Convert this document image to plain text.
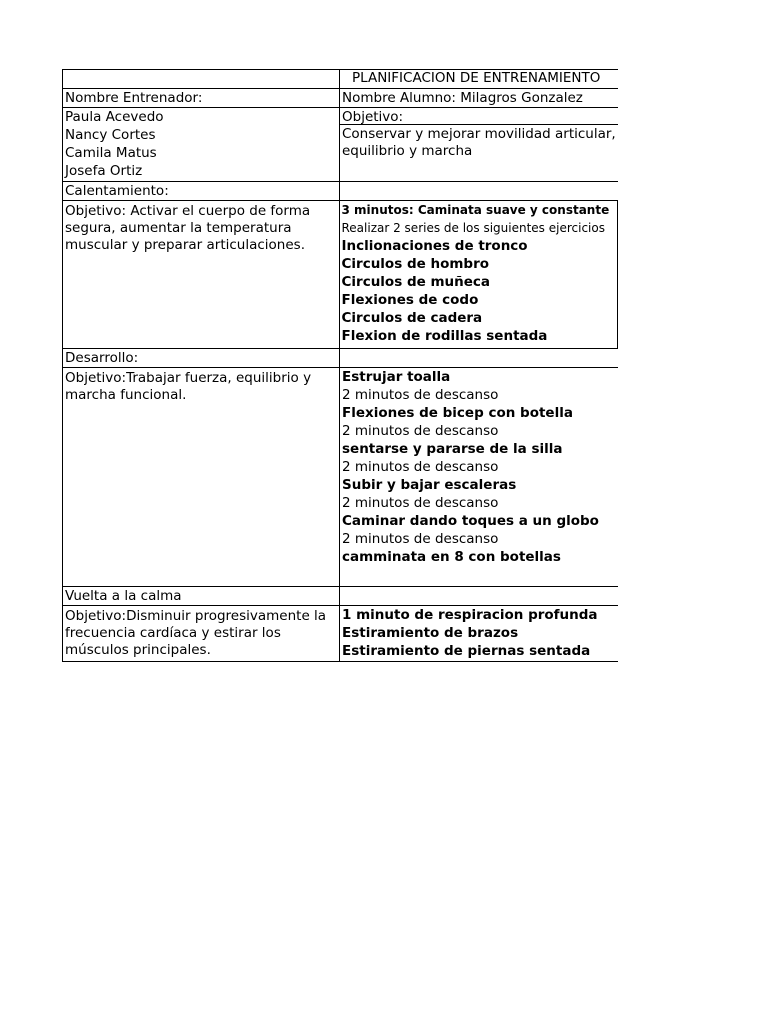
PLANIFICACION DE ENTRENAMIENTO
Nombre Entrenador:	Nombre Alumno: Milagros Gonzalez
Paula Acevedo
Nancy Cortes
Camila Matus
Josefa Ortiz
Objetivo:
Conservar y mejorar movilidad articular,
equilibrio y marcha
Calentamiento:
Objetivo: Activar el cuerpo de forma
segura, aumentar la temperatura
muscular y preparar articulaciones.
3 minutos: Caminata suave y constante
Realizar 2 series de los siguientes ejercicios
Inclionaciones de tronco
Circulos de hombro
Circulos de muñeca
Flexiones de codo
Circulos de cadera
Flexion de rodillas sentada
Desarrollo:
Objetivo:Trabajar fuerza, equilibrio y
marcha funcional.
Estrujar toalla
2 minutos de descanso
Flexiones de bicep con botella
2 minutos de descanso
sentarse y pararse de la silla
2 minutos de descanso
Subir y bajar escaleras
2 minutos de descanso
Caminar dando toques a un globo
2 minutos de descanso
camminata en 8 con botellas
Vuelta a la calma
Objetivo:Disminuir progresivamente la
frecuencia cardíaca y estirar los
músculos principales.
1 minuto de respiracion profunda
Estiramiento de brazos
Estiramiento de piernas sentada
